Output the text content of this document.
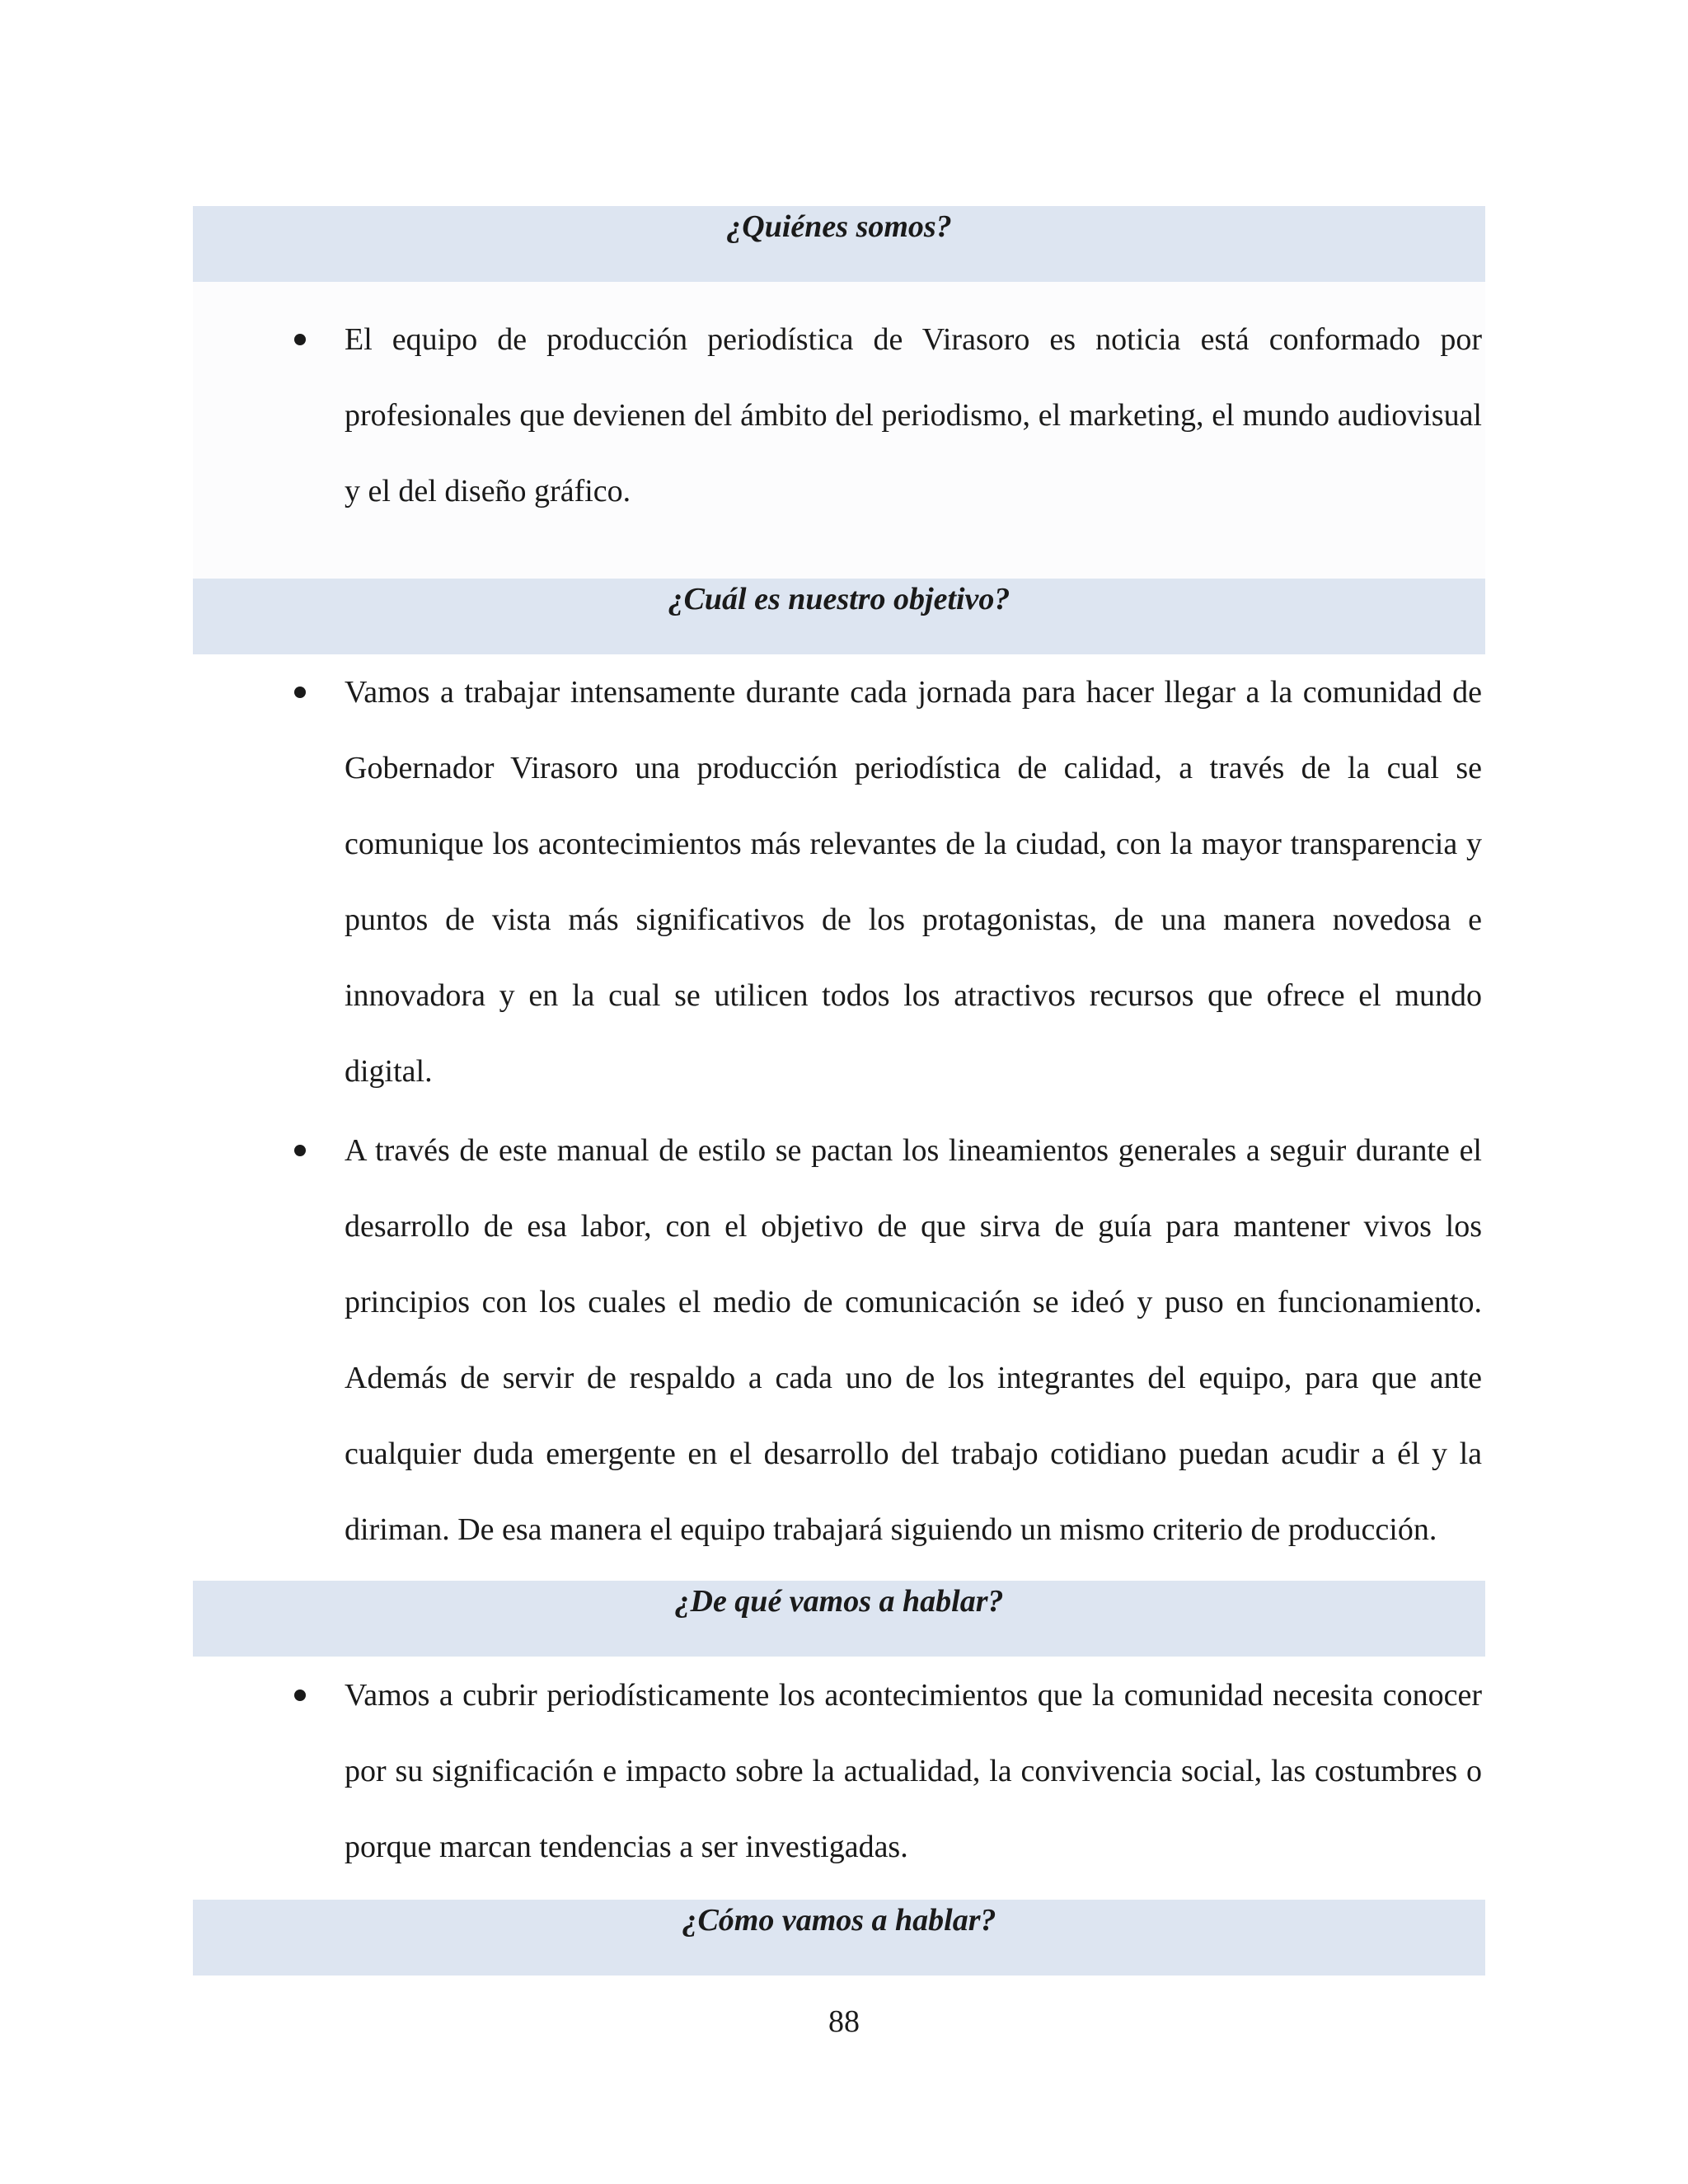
¿Quiénes somos?

El equipo de producción periodística de Virasoro es noticia está conformado por profesionales que devienen del ámbito del periodismo, el marketing, el mundo audiovisual y el del diseño gráfico.

¿Cuál es nuestro objetivo?

Vamos a trabajar intensamente durante cada jornada para hacer llegar a la comunidad de Gobernador Virasoro una producción periodística de calidad, a través de la cual se comunique los acontecimientos más relevantes de la ciudad, con la mayor transparencia y puntos de vista más significativos de los protagonistas, de una manera novedosa e innovadora y en la cual se utilicen todos los atractivos recursos que ofrece el mundo digital.

A través de este manual de estilo se pactan los lineamientos generales a seguir durante el desarrollo de esa labor, con el objetivo de que sirva de guía para mantener vivos los principios con los cuales el medio de comunicación se ideó y puso en funcionamiento. Además de servir de respaldo a cada uno de los integrantes del equipo, para que ante cualquier duda emergente en el desarrollo del trabajo cotidiano puedan acudir a él y la diriman. De esa manera el equipo trabajará siguiendo un mismo criterio de producción.

¿De qué vamos a hablar?

Vamos a cubrir periodísticamente los acontecimientos que la comunidad necesita conocer por su significación e impacto sobre la actualidad, la convivencia social, las costumbres o porque marcan tendencias a ser investigadas.

¿Cómo vamos a hablar?
88
